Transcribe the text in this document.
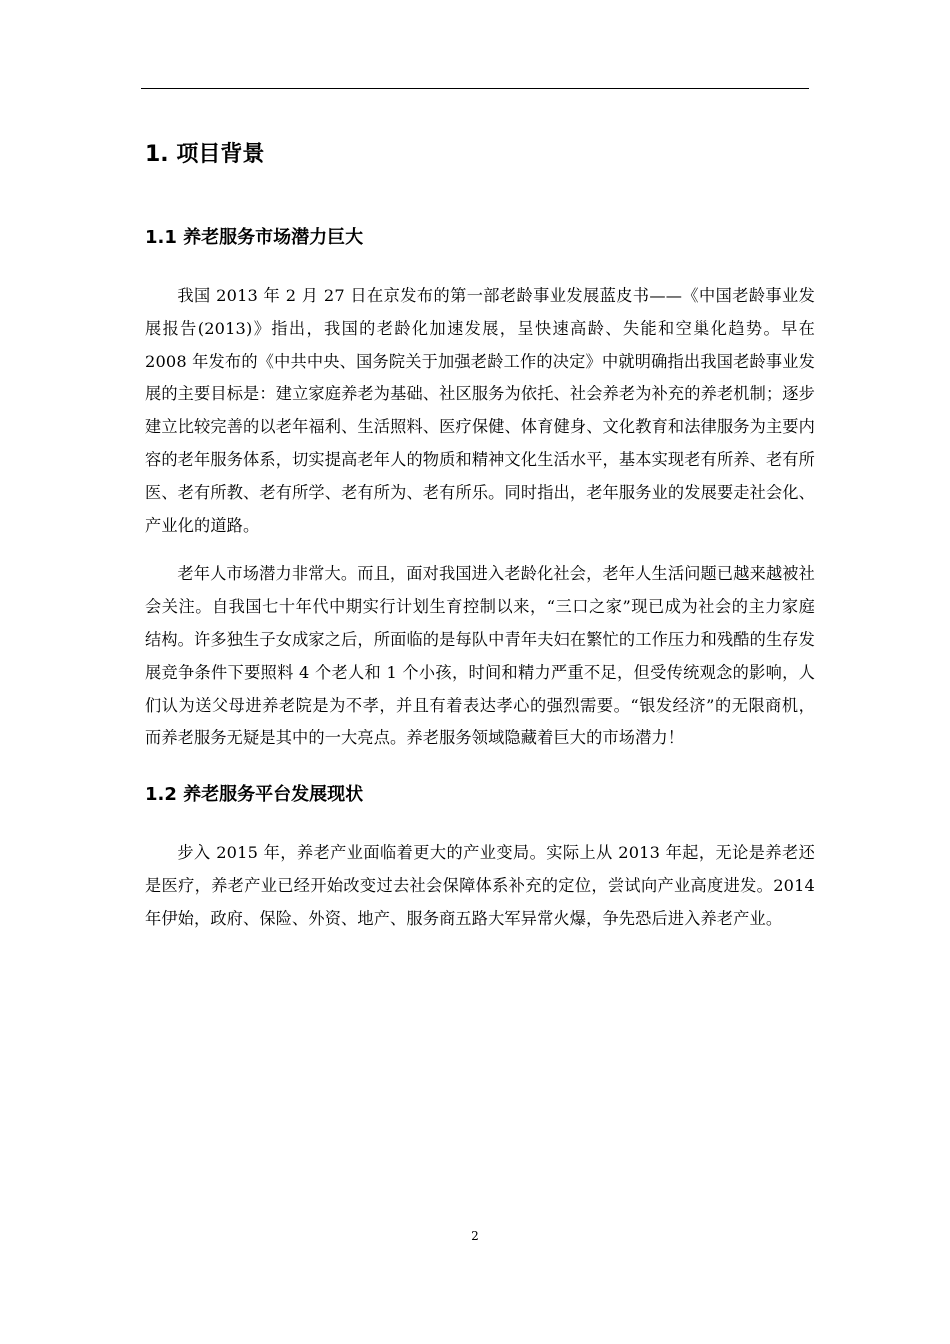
1. 项目背景
1.1 养老服务市场潜力巨大

我国 2013 年 2 月 27 日在京发布的第一部老龄事业发展蓝皮书——《中国老龄事业发展报告(2013)》指出，我国的老龄化加速发展，呈快速高龄、失能和空巢化趋势。早在 2008 年发布的《中共中央、国务院关于加强老龄工作的决定》中就明确指出我国老龄事业发展的主要目标是：建立家庭养老为基础、社区服务为依托、社会养老为补充的养老机制；逐步建立比较完善的以老年福利、生活照料、医疗保健、体育健身、文化教育和法律服务为主要内容的老年服务体系，切实提高老年人的物质和精神文化生活水平，基本实现老有所养、老有所医、老有所教、老有所学、老有所为、老有所乐。同时指出，老年服务业的发展要走社会化、产业化的道路。

老年人市场潜力非常大。而且，面对我国进入老龄化社会，老年人生活问题已越来越被社会关注。自我国七十年代中期实行计划生育控制以来，“三口之家”现已成为社会的主力家庭结构。许多独生子女成家之后，所面临的是每队中青年夫妇在繁忙的工作压力和残酷的生存发展竞争条件下要照料 4 个老人和 1 个小孩，时间和精力严重不足，但受传统观念的影响，人们认为送父母进养老院是为不孝，并且有着表达孝心的强烈需要。“银发经济”的无限商机，而养老服务无疑是其中的一大亮点。养老服务领域隐藏着巨大的市场潜力！

1.2 养老服务平台发展现状

步入 2015 年，养老产业面临着更大的产业变局。实际上从 2013 年起，无论是养老还是医疗，养老产业已经开始改变过去社会保障体系补充的定位，尝试向产业高度进发。2014 年伊始，政府、保险、外资、地产、服务商五路大军异常火爆，争先恐后进入养老产业。

2
